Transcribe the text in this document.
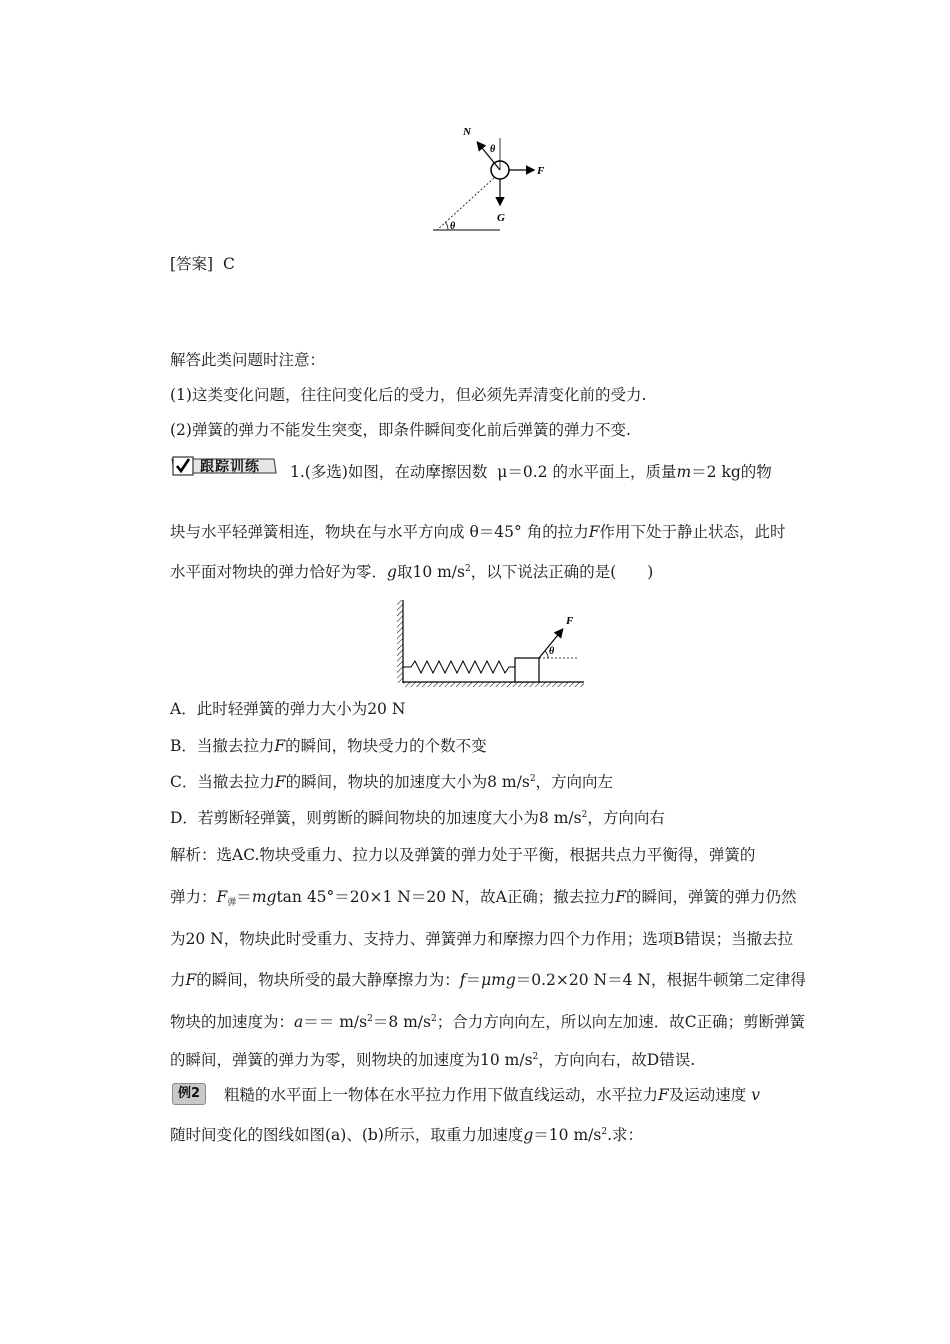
N
θ
F
G
θ
[答案] C
解答此类问题时注意：
(1)这类变化问题，往往问变化后的受力，但必须先弄清变化前的受力.
(2)弹簧的弹力不能发生突变，即条件瞬间变化前后弹簧的弹力不变.
跟踪训练 1.(多选)如图，在动摩擦因数 μ＝0.2 的水平面上，质量m＝2 kg的物
块与水平轻弹簧相连，物块在与水平方向成 θ＝45° 角的拉力F作用下处于静止状态，此时
水平面对物块的弹力恰好为零．g取10 $m/s^2$，以下说法正确的是(　　)
F
θ
A．此时轻弹簧的弹力大小为20 N
B．当撤去拉力F的瞬间，物块受力的个数不变
C．当撤去拉力F的瞬间，物块的加速度大小为8 $m/s^2$，方向向左
D．若剪断轻弹簧，则剪断的瞬间物块的加速度大小为8 $m/s^2$，方向向右
解析：选AC.物块受重力、拉力以及弹簧的弹力处于平衡，根据共点力平衡得，弹簧的
弹力：$F_弹=mgtan$ 45°＝20×1 N＝20 N，故A正确；撤去拉力F的瞬间，弹簧的弹力仍然
为20 N，物块此时受重力、支持力、弹簧弹力和摩擦力四个力作用；选项B错误；当撤去拉
力F的瞬间，物块所受的最大静摩擦力为：f＝μmg＝0.2×20 N＝4 N，根据牛顿第二定律得
物块的加速度为：$a== m/s^2=8$ $m/s^2$；合力方向向左，所以向左加速．故C正确；剪断弹簧
的瞬间，弹簧的弹力为零，则物块的加速度为10 $m/s^2$，方向向右，故D错误.
例2	粗糙的水平面上一物体在水平拉力作用下做直线运动，水平拉力F及运动速度 v
随时间变化的图线如图(a)、(b)所示，取重力加速度g＝10 $m/s^2$.求：
